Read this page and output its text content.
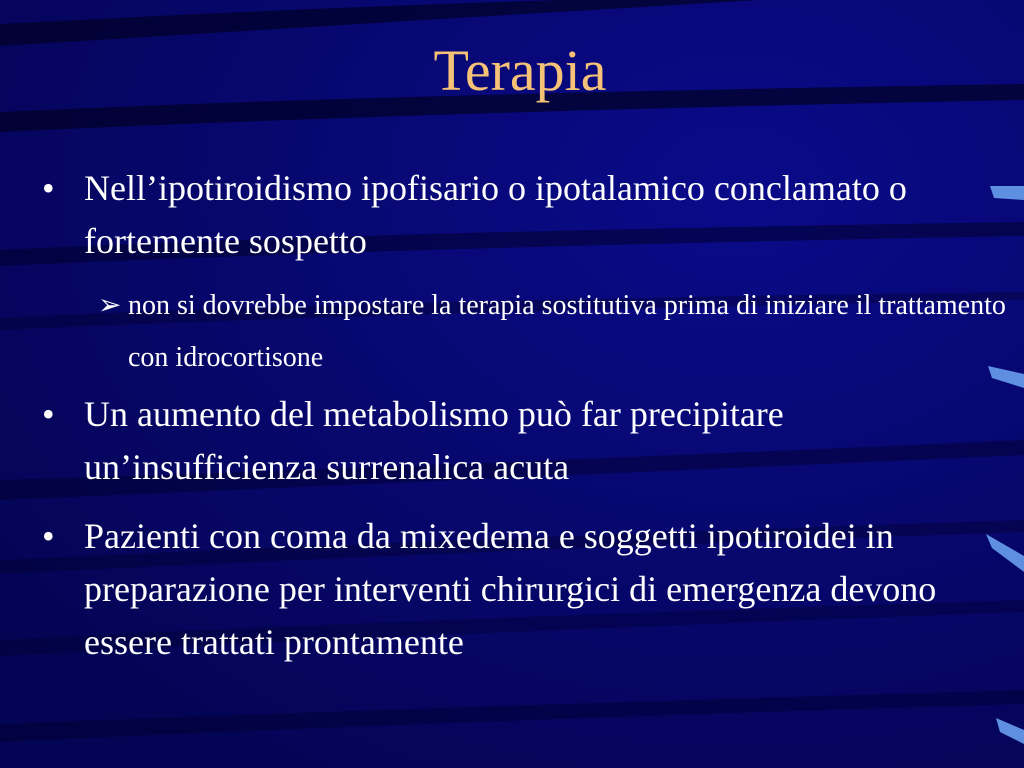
Terapia
• Nell’ipotiroidismo ipofisario o ipotalamico conclamato o fortemente sospetto
➢ non si dovrebbe impostare la terapia sostitutiva prima di iniziare il trattamento con idrocortisone
• Un aumento del metabolismo può far precipitare un’insufficienza surrenalica acuta
• Pazienti con coma da mixedema e soggetti ipotiroidei in preparazione per interventi chirurgici di emergenza devono essere trattati prontamente
